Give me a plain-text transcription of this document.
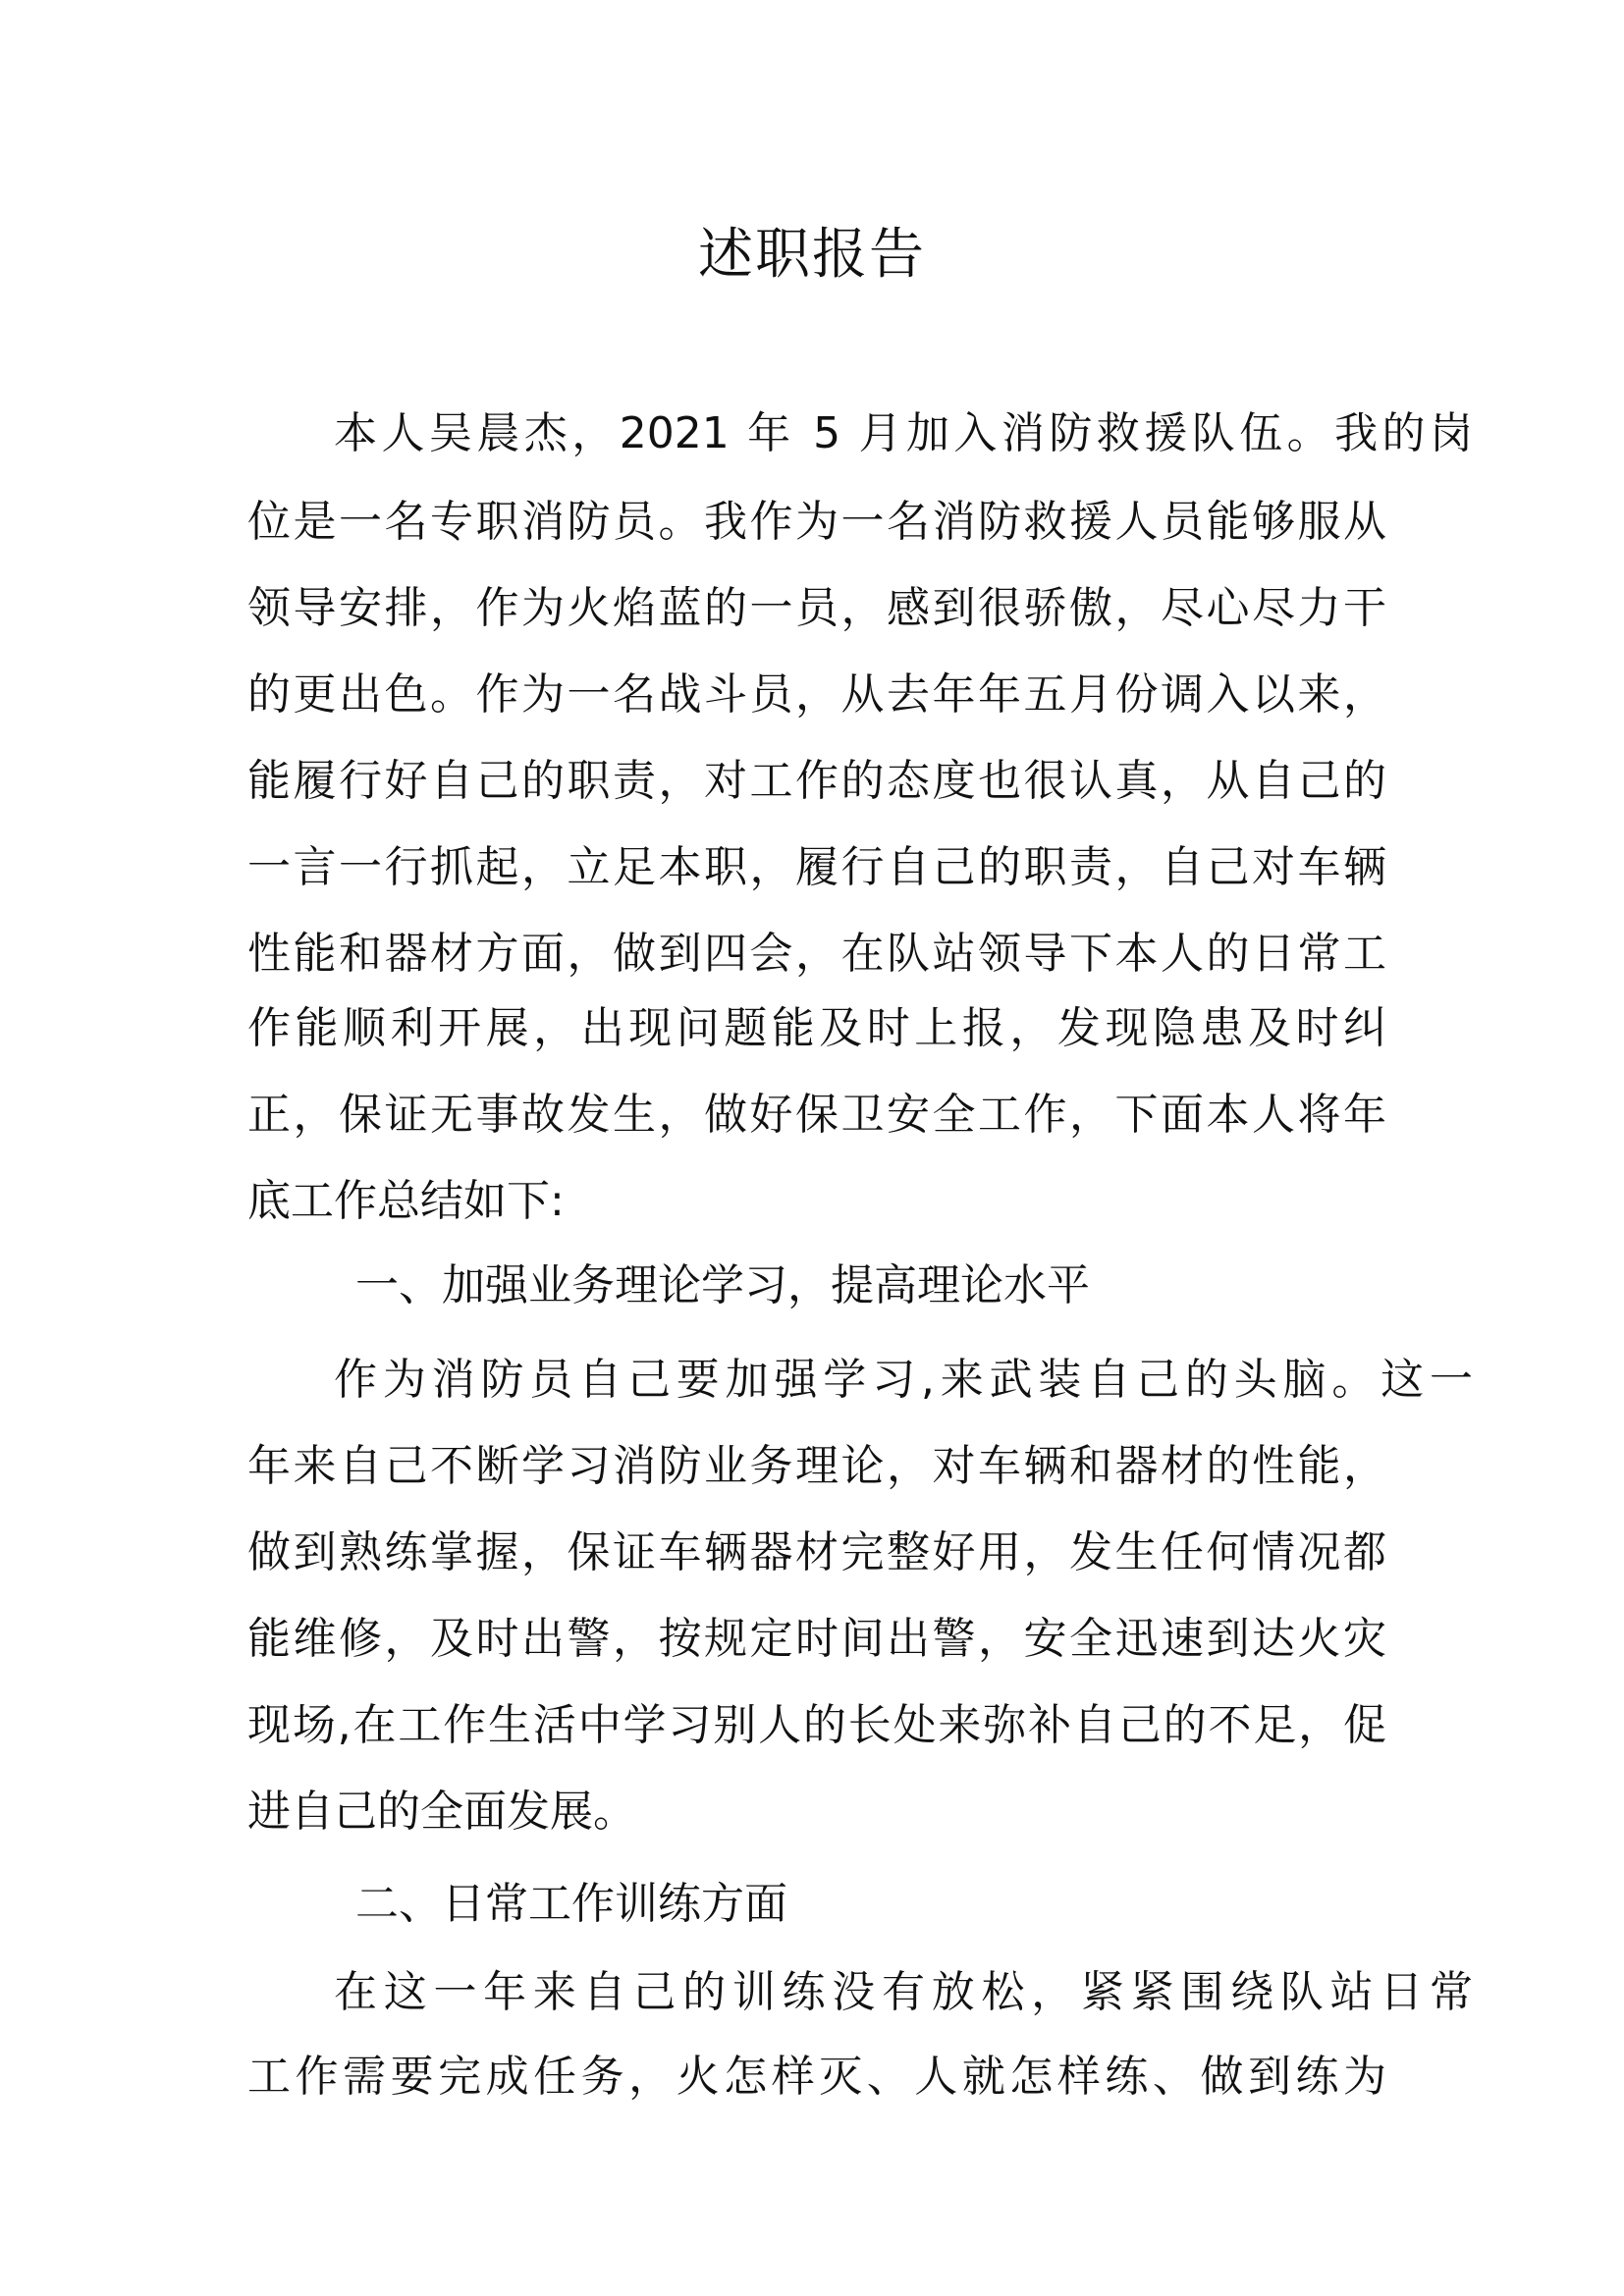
述职报告

本人吴晨杰，2021 年 5 月加入消防救援队伍。我的岗

位是一名专职消防员。我作为一名消防救援人员能够服从

领导安排，作为火焰蓝的一员，感到很骄傲，尽心尽力干

的更出色。作为一名战斗员，从去年年五月份调入以来，

能履行好自己的职责，对工作的态度也很认真，从自己的

一言一行抓起，立足本职，履行自己的职责，自己对车辆

性能和器材方面，做到四会，在队站领导下本人的日常工

作能顺利开展，出现问题能及时上报，发现隐患及时纠

正，保证无事故发生，做好保卫安全工作，下面本人将年

底工作总结如下:

一、加强业务理论学习，提高理论水平

作为消防员自己要加强学习,来武装自己的头脑。这一

年来自己不断学习消防业务理论，对车辆和器材的性能，

做到熟练掌握，保证车辆器材完整好用，发生任何情况都

能维修，及时出警，按规定时间出警，安全迅速到达火灾

现场,在工作生活中学习别人的长处来弥补自己的不足，促

进自己的全面发展。

二、日常工作训练方面

在这一年来自己的训练没有放松，紧紧围绕队站日常

工作需要完成任务，火怎样灭、人就怎样练、做到练为
